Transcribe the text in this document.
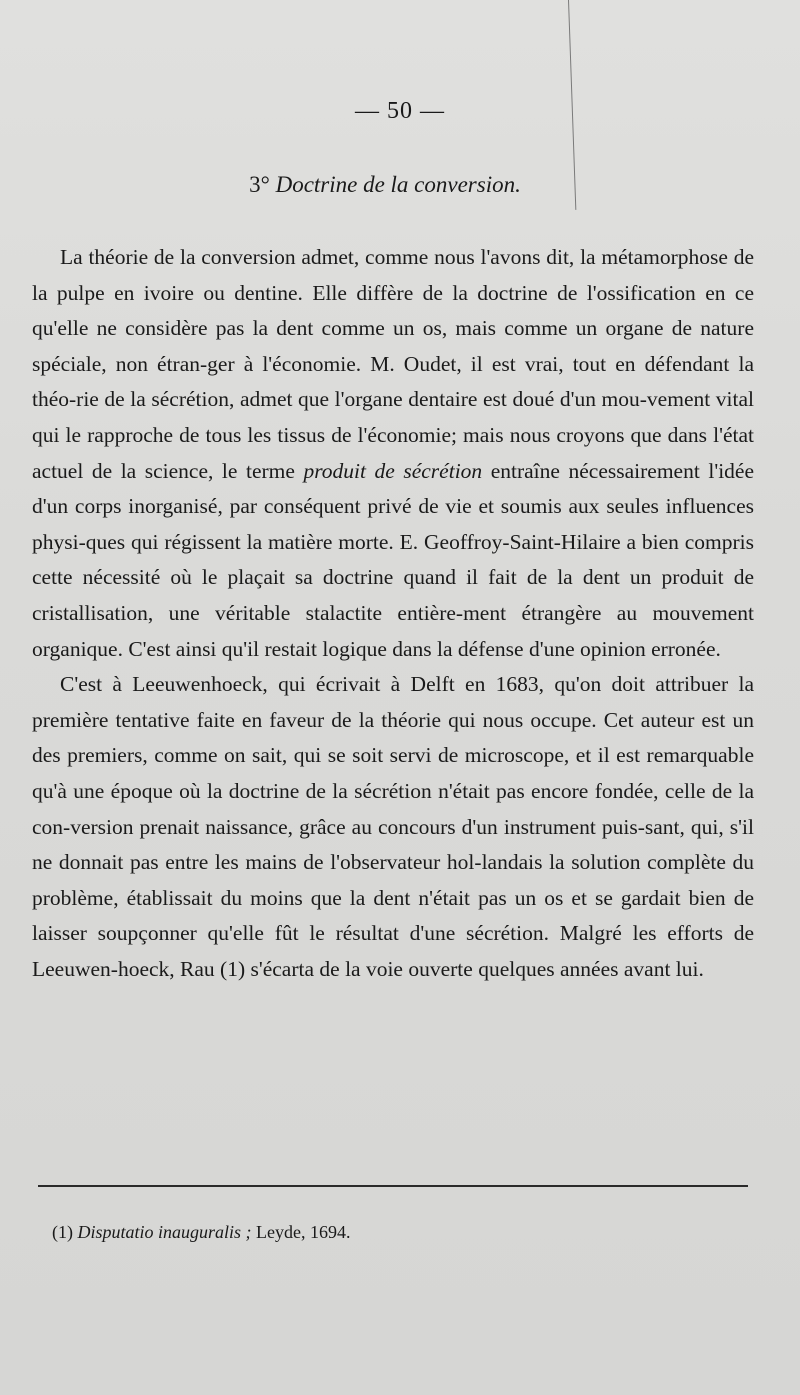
— 50 —
3° Doctrine de la conversion.

La théorie de la conversion admet, comme nous l'avons dit, la métamorphose de la pulpe en ivoire ou dentine. Elle diffère de la doctrine de l'ossification en ce qu'elle ne considère pas la dent comme un os, mais comme un organe de nature spéciale, non étran-ger à l'économie. M. Oudet, il est vrai, tout en défendant la théo-rie de la sécrétion, admet que l'organe dentaire est doué d'un mou-vement vital qui le rapproche de tous les tissus de l'économie; mais nous croyons que dans l'état actuel de la science, le terme produit de sécrétion entraîne nécessairement l'idée d'un corps inorganisé, par conséquent privé de vie et soumis aux seules influences physi-ques qui régissent la matière morte. E. Geoffroy-Saint-Hilaire a bien compris cette nécessité où le plaçait sa doctrine quand il fait de la dent un produit de cristallisation, une véritable stalactite entière-ment étrangère au mouvement organique. C'est ainsi qu'il restait logique dans la défense d'une opinion erronée.

C'est à Leeuwenhoeck, qui écrivait à Delft en 1683, qu'on doit attribuer la première tentative faite en faveur de la théorie qui nous occupe. Cet auteur est un des premiers, comme on sait, qui se soit servi de microscope, et il est remarquable qu'à une époque où la doctrine de la sécrétion n'était pas encore fondée, celle de la con-version prenait naissance, grâce au concours d'un instrument puis-sant, qui, s'il ne donnait pas entre les mains de l'observateur hol-landais la solution complète du problème, établissait du moins que la dent n'était pas un os et se gardait bien de laisser soupçonner qu'elle fût le résultat d'une sécrétion. Malgré les efforts de Leeuwen-hoeck, Rau (1) s'écarta de la voie ouverte quelques années avant lui.

(1) Disputatio inauguralis ; Leyde, 1694.
